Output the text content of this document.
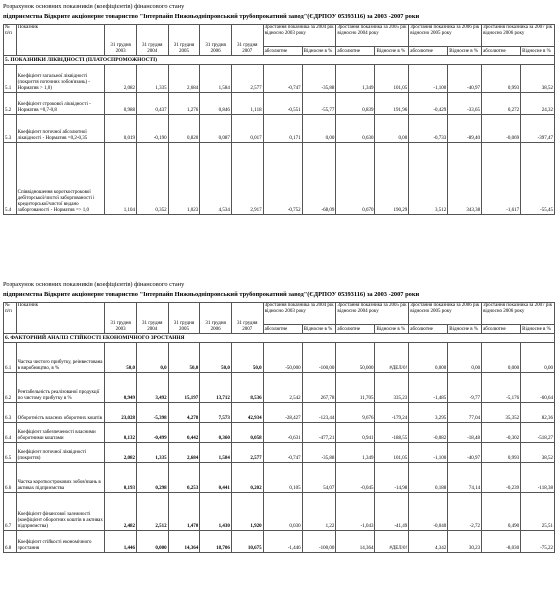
Розрахунок основних показників (коефіцієнтів) фінансового стану
підприємства Відкрите акціонерне товариство "Інтерпайп Нижньодніпровський трубопрокатний завод"(ЄДРПОУ 05393116) за 2003 -2007 роки
№ п/п	Показник	31 грудня 2003	31 грудня 2004	31 грудня 2005	31 грудня 2006	31 грудня 2007	Зростання показника за 2004 рік відносно 2003 року		Зростання показника за 2005 рік відносно 2004 року		Зростання показника за 2006 рік відносно 2005 року		Зростання показника за 2007 рік відносно 2006 року	
							абсолютне	Відносне в %	абсолютне	Відносне в %	абсолютне	Відносне в %	абсолютне	Відносне в %
5. ПОКАЗНИКИ ЛІКВІДНОСТІ (ПЛАТОСПРОМОЖНОСТІ)														
5.1	Коефіцієнт загальної ліквідності (покриття поточних зобов'язань) - Норматив > 1,0)	2,082	1,335	2,684	1,584	2,577	-0,747	-35,88	1,349	101,05	-1,100	-40,97	0,993	38,52
5.2	Коефіцієнт строкової ліквідності - Норматив =0,7-0,8	0,988	0,437	1,276	0,846	1,118	-0,551	-55,77	0,839	191,96	-0,429	-33,65	0,272	24,32
5.3	Коефіцієнт поточної абсолютної ліквідності - Норматив =0,2-0,35	0,019	-0,190	0,820	0,087	0,017	0,171	0,00	0,630	0,00	-0,733	-89,40	-0,069	-397,47
5.4	Співвідношення короткострокової дебіторської/чистої заборгованості і кредиторської/чистої видано заборгованості - Норматив => 1,0	1,104	0,352	1,023	4,534	2,917	-0,752	-68,09	0,670	190,29	3,512	343,38	-1,617	-55,45
Розрахунок основних показників (коефіцієнтів) фінансового стану
підприємства Відкрите акціонерне товариство "Інтерпайп Нижньодніпровський трубопрокатний завод"(ЄДРПОУ 05393116) за 2003 -2007 роки
№ п/п	Показник	31 грудня 2003	31 грудня 2004	31 грудня 2005	31 грудня 2006	31 грудня 2007	Зростання показника за 2004 рік відносно 2003 року		Зростання показника за 2005 рік відносно 2004 року		Зростання показника за 2006 рік відносно 2005 року		Зростання показника за 2007 рік відносно 2006 року	
							абсолютне	Відносне в %	абсолютне	Відносне в %	абсолютне	Відносне в %	абсолютне	Відносне в %
6. ФАКТОРНИЙ АНАЛІЗ СТІЙКОСТІ ЕКОНОМІЧНОГО ЗРОСТАННЯ														
6.1	Частка чистого прибутку, реінвестована в виробництво, в %	50,0	0,0	50,0	50,0	50,0	-50,000	-100,00	50,000	#ДЕЛ/0!	0,000	0,00	0,000	0,00
6.2	Рентабельність реалізованої продукції по чистому прибутку в %	0,949	3,492	15,197	13,712	8,536	2,542	267,78	11,705	335,23	-1,485	-9,77	-5,176	-60,64
6.3	Оборотність власних оборотних коштів	23,028	-5,398	4,278	7,573	42,934	-28,427	-123,44	9,676	-179,24	3,295	77,04	35,352	82,36
6.4	Коефіцієнт забезпеченості власними оборотними коштами	0,132	-0,499	0,442	0,360	0,058	-0,631	-477,21	0,941	-188,55	-0,082	-18,48	-0,302	-518,27
6.5	Коефіцієнт поточної ліквідності (покриття)	2,082	1,335	2,684	1,584	2,577	-0,747	-35,88	1,349	101,05	-1,100	-40,97	0,993	38,52
6.6	Частка короткострокових зобов'язань в активах підприємства	0,193	0,298	0,253	0,441	0,202	0,105	54,07	-0,045	-14,98	0,188	74,14	-0,239	-118,38
6.7	Коефіцієнт фінансової залежності (коефіцієнт оборотних коштів в активах підприємства)	2,482	2,512	1,470	1,430	1,920	0,030	1,22	-1,043	-41,49	-0,040	-2,72	0,490	25,51
6.8	Коефіцієнт стійкості економічного зростання	1,446	0,000	14,364	18,706	10,675	-1,446	-100,00	14,364	#ДЕЛ/0!	4,342	30,23	-8,030	-75,22
